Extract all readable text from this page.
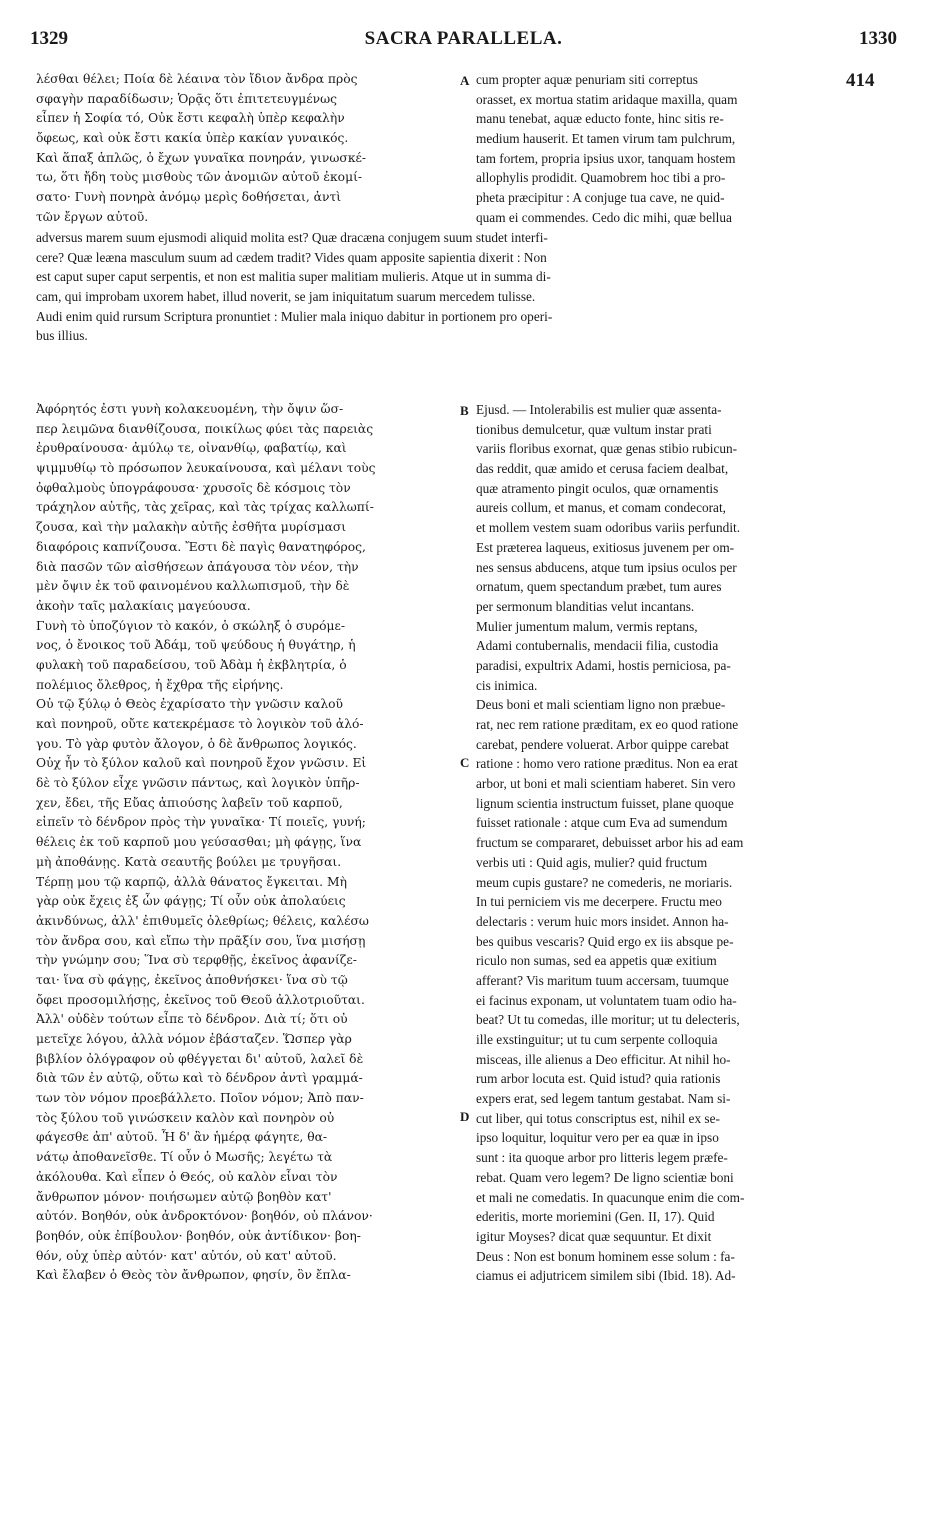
1329	SACRA PARALLELA.	1330
414
λέσθαι θέλει; Ποία δὲ λέαινα τὸν ἴδιον ἄνδρα πρὸς
σφαγὴν παραδίδωσιν; Ὁρᾷς ὅτι ἐπιτετευγμένως
εἶπεν ἡ Σοφία τό, Οὐκ ἔστι κεφαλὴ ὑπὲρ κεφαλὴν
ὄφεως, καὶ οὐκ ἔστι κακία ὑπὲρ κακίαν γυναικός.
Καὶ ἅπαξ ἁπλῶς, ὁ ἔχων γυναῖκα πονηράν, γινωσκέ-
τω, ὅτι ἤδη τοὺς μισθοὺς τῶν ἀνομιῶν αὐτοῦ ἐκομί-
σατο· Γυνὴ πονηρὰ ἀνόμῳ μερὶς δοθήσεται, ἀντὶ
τῶν ἔργων αὐτοῦ.
cum propter aquæ penuriam siti correptus
orasset, ex mortua statim aridaque maxilla, quam
manu tenebat, aquæ educto fonte, hinc sitis re-
medium hauserit. Et tamen virum tam pulchrum,
tam fortem, propria ipsius uxor, tanquam hostem
allophylis prodidit. Quamobrem hoc tibi a pro-
pheta præcipitur : A conjuge tua cave, ne quid-
quam ei commendes. Cedo dic mihi, quæ bellua
A
adversus marem suum ejusmodi aliquid molita est? Quæ dracæna conjugem suum studet interfi-
cere? Quæ leæna masculum suum ad cædem tradit? Vides quam apposite sapientia dixerit : Non
est caput super caput serpentis, et non est malitia super malitiam mulieris. Atque ut in summa di-
cam, qui improbam uxorem habet, illud noverit, se jam iniquitatum suarum mercedem tulisse.
Audi enim quid rursum Scriptura pronuntiet : Mulier mala iniquo dabitur in portionem pro operi-
bus illius.
Ἀφόρητός ἐστι γυνὴ κολακευομένη, τὴν ὄψιν ὥσ-
περ λειμῶνα διανθίζουσα, ποικίλως φύει τὰς παρειὰς
ἐρυθραίνουσα· ἀμύλῳ τε, οἰνανθίῳ, φαβατίῳ, καὶ
ψιμμυθίῳ τὸ πρόσωπον λευκαίνουσα, καὶ μέλανι τοὺς
ὀφθαλμοὺς ὑπογράφουσα· χρυσοῖς δὲ κόσμοις τὸν
τράχηλον αὐτῆς, τὰς χεῖρας, καὶ τὰς τρίχας καλλωπί-
ζουσα, καὶ τὴν μαλακὴν αὐτῆς ἐσθῆτα μυρίσμασι
διαφόροις καπνίζουσα. Ἔστι δὲ παγὶς θανατηφόρος,
διὰ πασῶν τῶν αἰσθήσεων ἀπάγουσα τὸν νέον, τὴν
μὲν ὄψιν ἐκ τοῦ φαινομένου καλλωπισμοῦ, τὴν δὲ
ἀκοὴν ταῖς μαλακίαις μαγεύουσα.
Γυνὴ τὸ ὑποζύγιον τὸ κακόν, ὁ σκώληξ ὁ συρόμε-
νος, ὁ ἔνοικος τοῦ Ἀδάμ, τοῦ ψεύδους ἡ θυγάτηρ, ἡ
φυλακὴ τοῦ παραδείσου, τοῦ Ἀδὰμ ἡ ἐκβλητρία, ὁ
πολέμιος ὄλεθρος, ἡ ἔχθρα τῆς εἰρήνης.
Οὐ τῷ ξύλῳ ὁ Θεὸς ἐχαρίσατο τὴν γνῶσιν καλοῦ
καὶ πονηροῦ, οὔτε κατεκρέμασε τὸ λογικὸν τοῦ ἀλό-
γου. Τὸ γὰρ φυτὸν ἄλογον, ὁ δὲ ἄνθρωπος λογικός.
Οὐχ ἦν τὸ ξύλον καλοῦ καὶ πονηροῦ ἔχον γνῶσιν. Εἰ
δὲ τὸ ξύλον εἶχε γνῶσιν πάντως, καὶ λογικὸν ὑπῆρ-
χεν, ἔδει, τῆς Εὔας ἀπιούσης λαβεῖν τοῦ καρποῦ,
εἰπεῖν τὸ δένδρον πρὸς τὴν γυναῖκα· Τί ποιεῖς, γυνή;
θέλεις ἐκ τοῦ καρποῦ μου γεύσασθαι; μὴ φάγῃς, ἵνα
μὴ ἀποθάνῃς. Κατὰ σεαυτῆς βούλει με τρυγῆσαι.
Τέρπῃ μου τῷ καρπῷ, ἀλλὰ θάνατος ἔγκειται. Μὴ
γὰρ οὐκ ἔχεις ἐξ ὧν φάγῃς; Τί οὖν οὐκ ἀπολαύεις
ἀκινδύνως, ἀλλ' ἐπιθυμεῖς ὀλεθρίως; θέλεις, καλέσω
τὸν ἄνδρα σου, καὶ εἴπω τὴν πρᾶξίν σου, ἵνα μισήσῃ
τὴν γνώμην σου; Ἵνα σὺ τερφθῇς, ἐκεῖνος ἀφανίζε-
ται· ἵνα σὺ φάγῃς, ἐκεῖνος ἀποθνήσκει· ἵνα σὺ τῷ
ὄφει προσομιλήσῃς, ἐκεῖνος τοῦ Θεοῦ ἀλλοτριοῦται.
Ἀλλ' οὐδὲν τούτων εἶπε τὸ δένδρον. Διὰ τί; ὅτι οὐ
μετεῖχε λόγου, ἀλλὰ νόμον ἐβάσταζεν. Ὥσπερ γὰρ
βιβλίον ὀλόγραφον οὐ φθέγγεται δι' αὐτοῦ, λαλεῖ δὲ
διὰ τῶν ἐν αὐτῷ, οὕτω καὶ τὸ δένδρον ἀντὶ γραμμά-
των τὸν νόμον προεβάλλετο. Ποῖον νόμον; Ἀπὸ παν-
τὸς ξύλου τοῦ γινώσκειν καλὸν καὶ πονηρὸν οὐ
φάγεσθε ἀπ' αὐτοῦ. Ἧ δ' ἂν ἡμέρᾳ φάγητε, θα-
νάτῳ ἀποθανεῖσθε. Τί οὖν ὁ Μωσῆς; λεγέτω τὰ
ἀκόλουθα. Καὶ εἶπεν ὁ Θεός, οὐ καλὸν εἶναι τὸν
ἄνθρωπον μόνον· ποιήσωμεν αὐτῷ βοηθὸν κατ'
αὐτόν. Βοηθόν, οὐκ ἀνδροκτόνον· βοηθόν, οὐ πλάνον·
βοηθόν, οὐκ ἐπίβουλον· βοηθόν, οὐκ ἀντίδικον· βοη-
θόν, οὐχ ὑπὲρ αὐτόν· κατ' αὐτόν, οὐ κατ' αὐτοῦ.
Καὶ ἔλαβεν ὁ Θεὸς τὸν ἄνθρωπον, φησίν, ὃν ἔπλα-
Ejusd. — Intolerabilis est mulier quæ assenta-
tionibus demulcetur, quæ vultum instar prati
variis floribus exornat, quæ genas stibio rubicun-
das reddit, quæ amido et cerusa faciem dealbat,
quæ atramento pingit oculos, quæ ornamentis
aureis collum, et manus, et comam condecorat,
et mollem vestem suam odoribus variis perfundit.
Est præterea laqueus, exitiosus juvenem per om-
nes sensus abducens, atque tum ipsius oculos per
ornatum, quem spectandum præbet, tum aures
per sermonum blanditias velut incantans.
Mulier jumentum malum, vermis reptans,
Adami contubernalis, mendacii filia, custodia
paradisi, expultrix Adami, hostis perniciosa, pa-
cis inimica.
Deus boni et mali scientiam ligno non præbue-
rat, nec rem ratione præditam, ex eo quod ratione
carebat, pendere voluerat. Arbor quippe carebat
ratione : homo vero ratione præditus. Non ea erat
arbor, ut boni et mali scientiam haberet. Sin vero
lignum scientia instructum fuisset, plane quoque
fuisset rationale : atque cum Eva ad sumendum
fructum se compararet, debuisset arbor his ad eam
verbis uti : Quid agis, mulier? quid fructum
meum cupis gustare? ne comederis, ne moriaris.
In tui perniciem vis me decerpere. Fructu meo
delectaris : verum huic mors insidet. Annon ha-
bes quibus vescaris? Quid ergo ex iis absque pe-
riculo non sumas, sed ea appetis quæ exitium
afferant? Vis maritum tuum accersam, tuumque
ei facinus exponam, ut voluntatem tuam odio ha-
beat? Ut tu comedas, ille moritur; ut tu delecteris,
ille exstinguitur; ut tu cum serpente colloquia
misceas, ille alienus a Deo efficitur. At nihil ho-
rum arbor locuta est. Quid istud? quia rationis
expers erat, sed legem tantum gestabat. Nam si-
cut liber, qui totus conscriptus est, nihil ex se-
ipso loquitur, loquitur vero per ea quæ in ipso
sunt : ita quoque arbor pro litteris legem præfe-
rebat. Quam vero legem? De ligno scientiæ boni
et mali ne comedatis. In quacunque enim die com-
ederitis, morte moriemini (Gen. II, 17). Quid
igitur Moyses? dicat quæ sequuntur. Et dixit
Deus : Non est bonum hominem esse solum : fa-
ciamus ei adjutricem similem sibi (Ibid. 18). Ad-
B
C
D
